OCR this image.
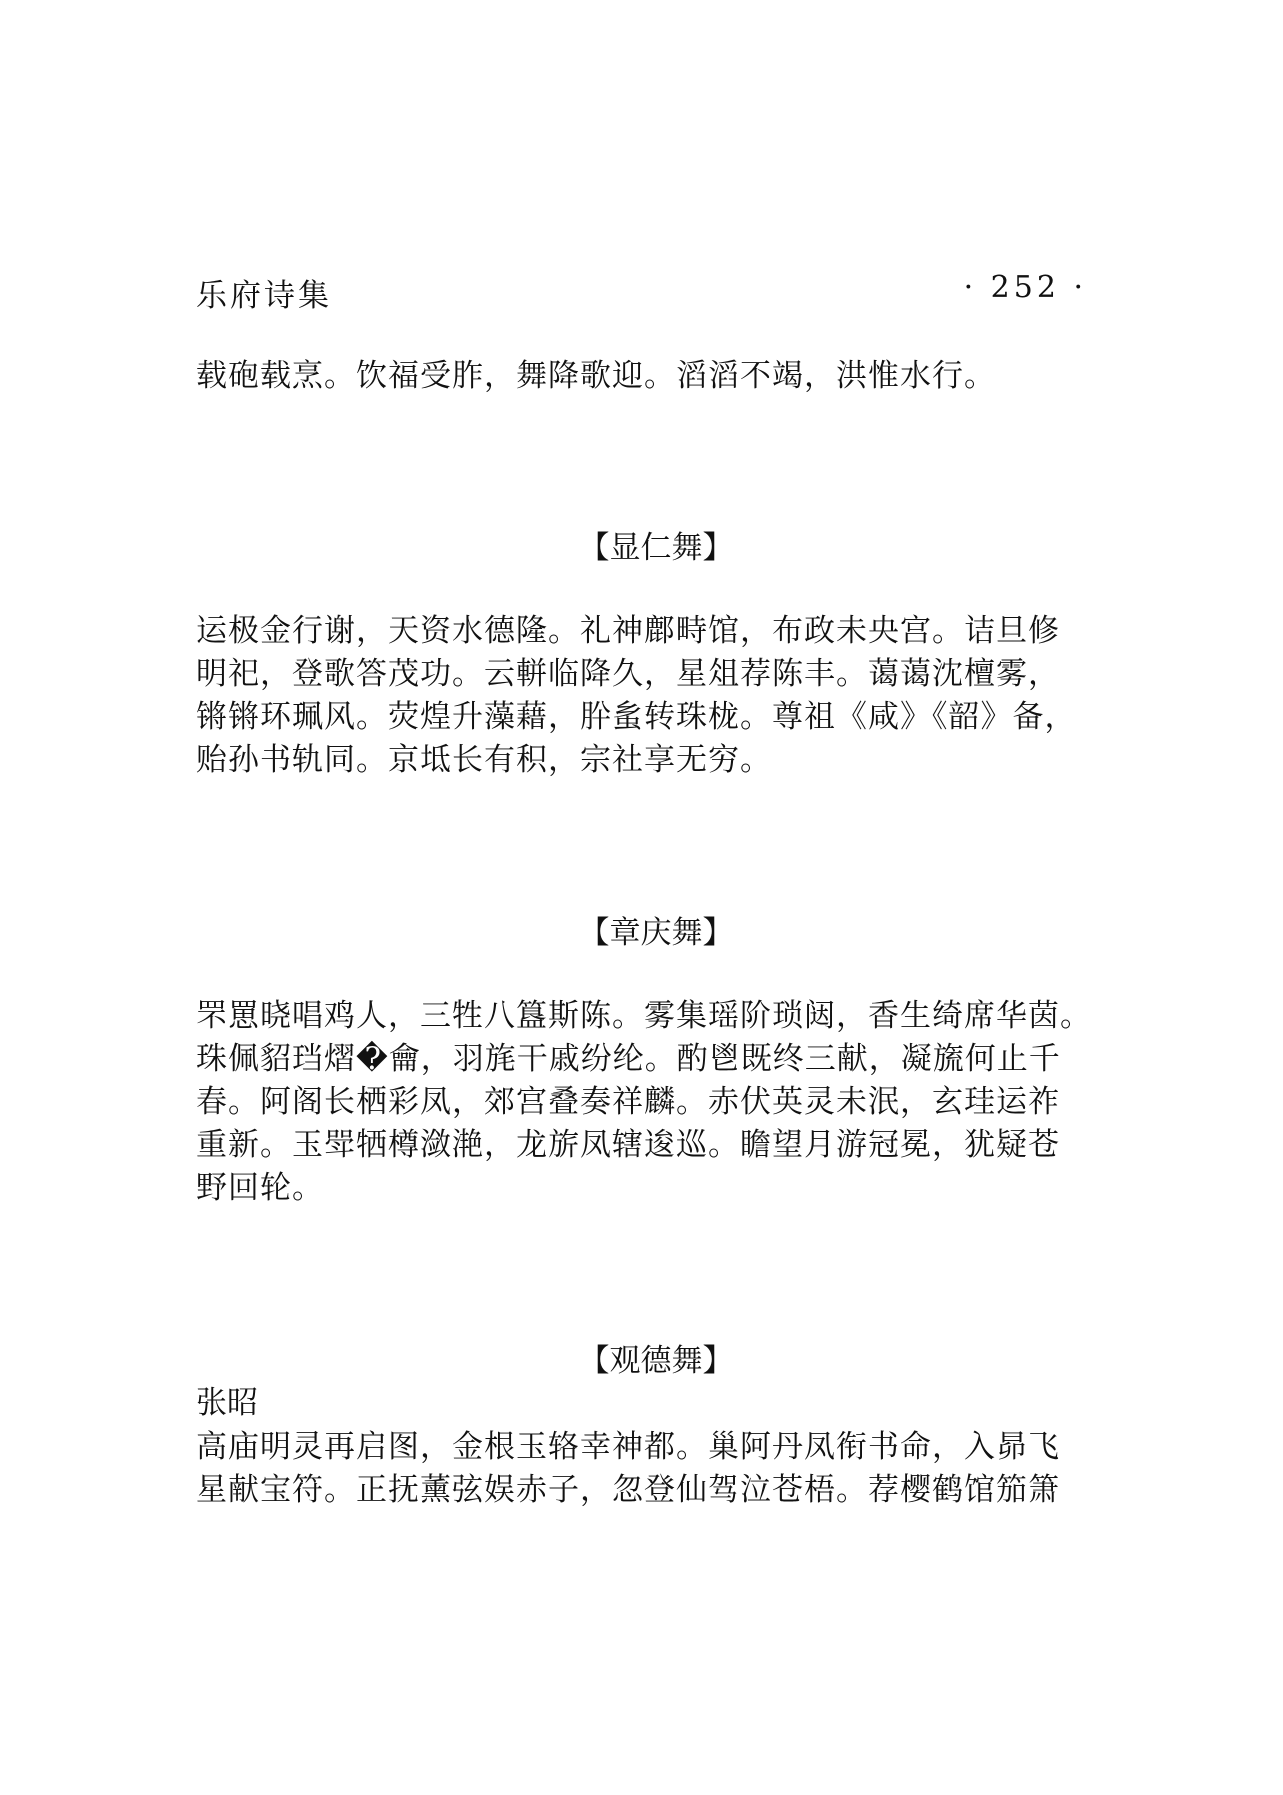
乐府诗集	· 252 ·

载砲载烹。饮福受胙，舞降歌迎。滔滔不竭，洪惟水行。

【显仁舞】

运极金行谢，天资水德隆。礼神鄜畤馆，布政未央宫。诘旦修

明祀，登歌答茂功。云軿临降久，星俎荐陈丰。蔼蔼沈檀雾，

锵锵环珮风。荧煌升藻藉，肸蚃转珠栊。尊祖《咸》《韶》备，

贻孙书轨同。京坻长有积，宗社享无穷。

【章庆舞】

罘罳晓唱鸡人，三牲八簋斯陈。雾集瑶阶琐闼，香生绮席华茵。

珠佩貂珰熠�龠，羽旄干戚纷纶。酌鬯既终三献，凝旒何止千

春。阿阁长栖彩凤，郊宫叠奏祥麟。赤伏英灵未泯，玄珪运祚

重新。玉斝牺樽潋滟，龙旂凤辖逡巡。瞻望月游冠冕，犹疑苍

野回轮。

【观德舞】
张昭

高庙明灵再启图，金根玉辂幸神都。巢阿丹凤衔书命，入昴飞

星献宝符。正抚薰弦娱赤子，忽登仙驾泣苍梧。荐樱鹤馆笳箫
